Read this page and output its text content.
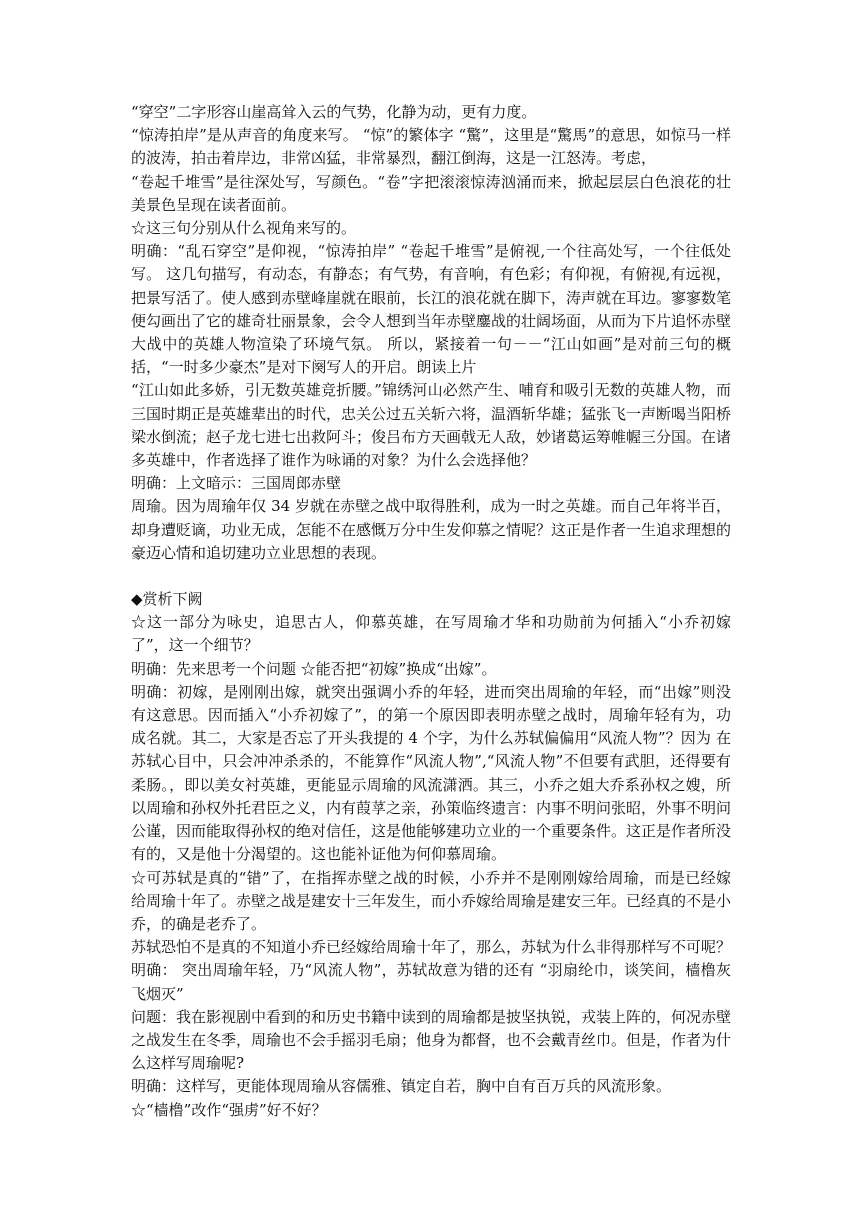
“穿空”二字形容山崖高耸入云的气势，化静为动，更有力度。

“惊涛拍岸”是从声音的角度来写。 “惊”的繁体字 “驚”，这里是“驚馬”的意思，如惊马一样的波涛，拍击着岸边，非常凶猛，非常暴烈，翻江倒海，这是一江怒涛。考虑，

“卷起千堆雪”是往深处写，写颜色。“卷”字把滚滚惊涛汹涌而来，掀起层层白色浪花的壮美景色呈现在读者面前。

☆这三句分别从什么视角来写的。

明确：“乱石穿空”是仰视，“惊涛拍岸” “卷起千堆雪”是俯视,一个往高处写，一个往低处写。 这几句描写，有动态，有静态；有气势，有音响，有色彩；有仰视，有俯视,有远视，把景写活了。使人感到赤壁峰崖就在眼前，长江的浪花就在脚下，涛声就在耳边。寥寥数笔便勾画出了它的雄奇壮丽景象，会令人想到当年赤壁鏖战的壮阔场面，从而为下片追怀赤壁大战中的英雄人物渲染了环境气氛。 所以，紧接着一句－－“江山如画”是对前三句的概括，“一时多少豪杰”是对下阕写人的开启。朗读上片

“江山如此多娇，引无数英雄竞折腰。”锦绣河山必然产生、哺育和吸引无数的英雄人物，而三国时期正是英雄辈出的时代，忠关公过五关斩六将，温酒斩华雄；猛张飞一声断喝当阳桥梁水倒流；赵子龙七进七出救阿斗；俊吕布方天画戟无人敌，妙诸葛运筹帷幄三分国。在诸多英雄中，作者选择了谁作为咏诵的对象？为什么会选择他？

明确：上文暗示：三国周郎赤壁

周瑜。因为周瑜年仅 34 岁就在赤壁之战中取得胜利，成为一时之英雄。而自己年将半百，却身遭贬谪，功业无成，怎能不在感慨万分中生发仰慕之情呢？这正是作者一生追求理想的豪迈心情和追切建功立业思想的表现。

◆赏析下阙

☆这一部分为咏史，追思古人，仰慕英雄，在写周瑜才华和功勋前为何插入“小乔初嫁了”，这一个细节？

明确：先来思考一个问题 ☆能否把“初嫁”换成“出嫁”。

明确：初嫁，是刚刚出嫁，就突出强调小乔的年轻，进而突出周瑜的年轻，而“出嫁”则没有这意思。因而插入“小乔初嫁了”，的第一个原因即表明赤壁之战时，周瑜年轻有为，功成名就。其二，大家是否忘了开头我提的 4 个字，为什么苏轼偏偏用“风流人物”？因为 在苏轼心目中，只会冲冲杀杀的，不能算作“风流人物”,“风流人物”不但要有武胆，还得要有柔肠。，即以美女衬英雄，更能显示周瑜的风流潇洒。其三，小乔之姐大乔系孙权之嫂，所以周瑜和孙权外托君臣之义，内有葭莩之亲，孙策临终遗言：内事不明问张昭，外事不明问公谨，因而能取得孙权的绝对信任，这是他能够建功立业的一个重要条件。这正是作者所没有的，又是他十分渴望的。这也能补证他为何仰慕周瑜。

☆可苏轼是真的“错”了，在指挥赤壁之战的时候，小乔并不是刚刚嫁给周瑜，而是已经嫁给周瑜十年了。赤壁之战是建安十三年发生，而小乔嫁给周瑜是建安三年。已经真的不是小乔，的确是老乔了。

苏轼恐怕不是真的不知道小乔已经嫁给周瑜十年了，那么，苏轼为什么非得那样写不可呢？

明确： 突出周瑜年轻，乃“风流人物”，苏轼故意为错的还有 “羽扇纶巾，谈笑间，樯橹灰飞烟灭”

问题：我在影视剧中看到的和历史书籍中读到的周瑜都是披坚执锐，戎装上阵的，何况赤壁之战发生在冬季，周瑜也不会手摇羽毛扇；他身为都督，也不会戴青丝巾。但是，作者为什么这样写周瑜呢?

明确：这样写，更能体现周瑜从容儒雅、镇定自若，胸中自有百万兵的风流形象。

☆“樯橹”改作“强虏”好不好？
